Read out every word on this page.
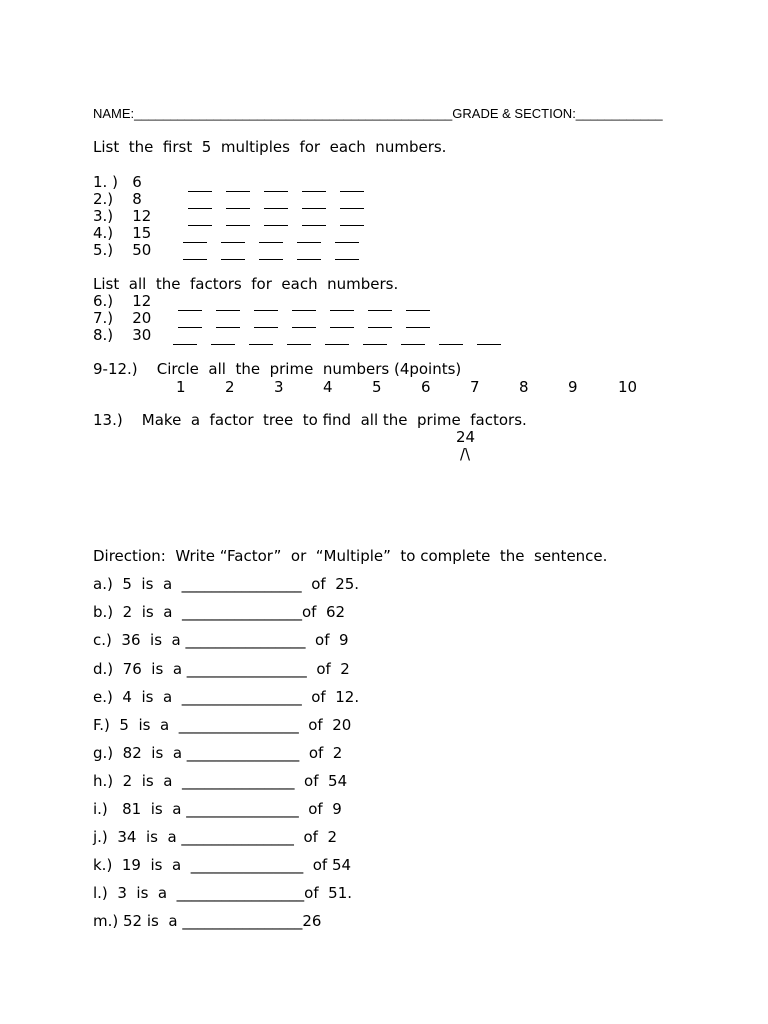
NAME:____________________________________________GRADE & SECTION:____________
List  the  first  5  multiples  for  each  numbers.
1. )   6
2.)    8
3.)    12
4.)    15
5.)    50
List  all  the  factors  for  each  numbers.
6.)    12
7.)    20
8.)    30
9-12.)    Circle  all  the  prime  numbers (4points)
1	2	3	4	5	6	7	8	9	10
13.)    Make  a  factor  tree  to find  all the  prime  factors.
24
/\
Direction:  Write “Factor”  or  “Multiple”  to complete  the  sentence.
a.)  5  is  a  ________________  of  25.
b.)  2  is  a  ________________of  62
c.)  36  is  a ________________  of  9
d.)  76  is  a ________________  of  2
e.)  4  is  a  ________________  of  12.
F.)  5  is  a  ________________  of  20
g.)  82  is  a _______________  of  2
h.)  2  is  a  _______________  of  54
i.)   81  is  a _______________  of  9
j.)  34  is  a _______________  of  2
k.)  19  is  a  _______________  of 54
l.)  3  is  a  _________________of  51.
m.) 52 is  a ________________26
